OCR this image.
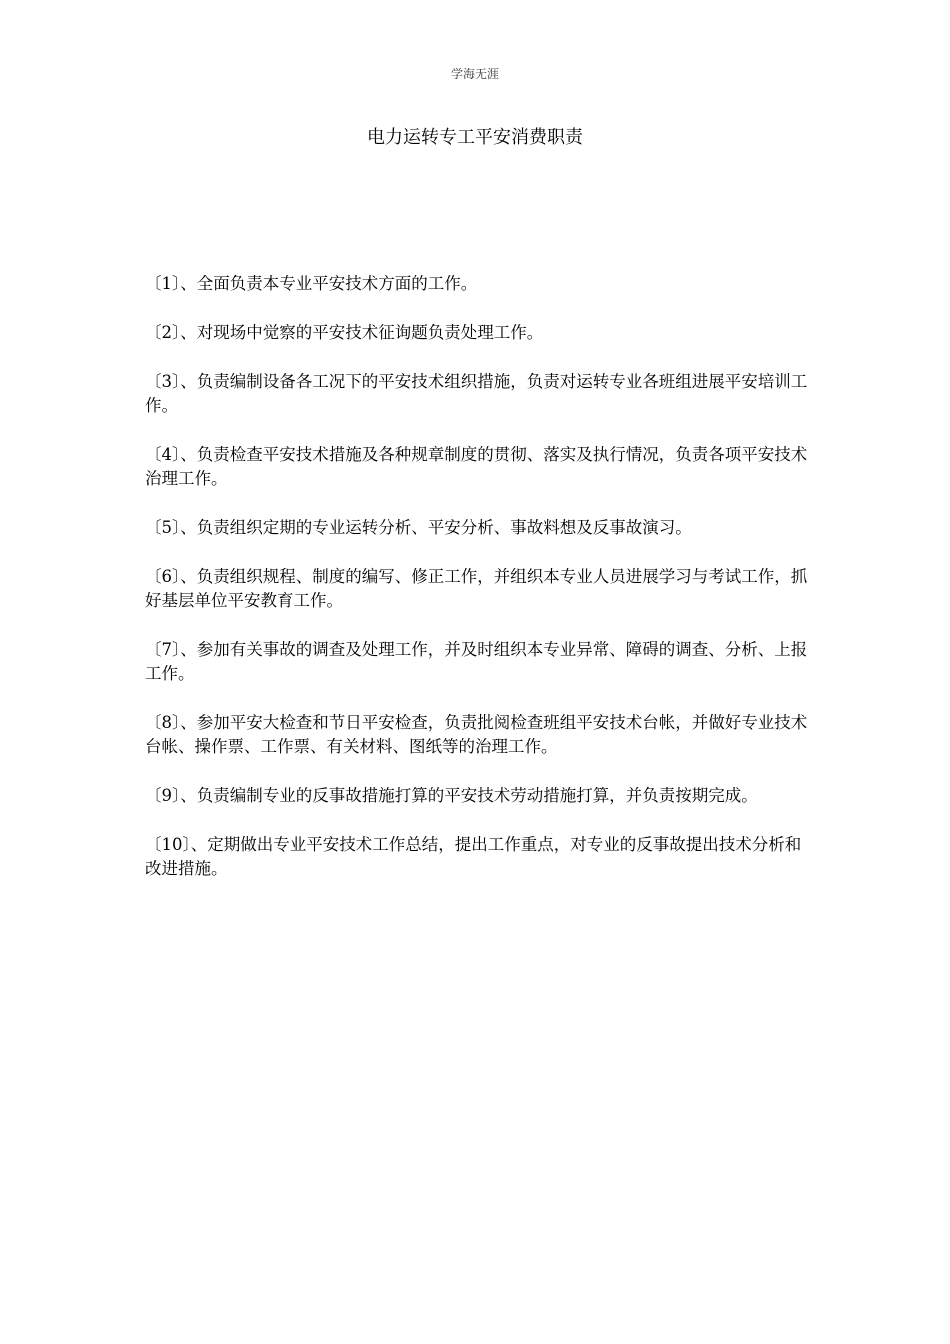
学海无涯
电力运转专工平安消费职责
〔1〕、全面负责本专业平安技术方面的工作。
〔2〕、对现场中觉察的平安技术征询题负责处理工作。
〔3〕、负责编制设备各工况下的平安技术组织措施，负责对运转专业各班组进展平安培训工作。
〔4〕、负责检查平安技术措施及各种规章制度的贯彻、落实及执行情况，负责各项平安技术治理工作。
〔5〕、负责组织定期的专业运转分析、平安分析、事故料想及反事故演习。
〔6〕、负责组织规程、制度的编写、修正工作，并组织本专业人员进展学习与考试工作，抓好基层单位平安教育工作。
〔7〕、参加有关事故的调查及处理工作，并及时组织本专业异常、障碍的调查、分析、上报工作。
〔8〕、参加平安大检查和节日平安检查，负责批阅检查班组平安技术台帐，并做好专业技术台帐、操作票、工作票、有关材料、图纸等的治理工作。
〔9〕、负责编制专业的反事故措施打算的平安技术劳动措施打算，并负责按期完成。
〔10〕、定期做出专业平安技术工作总结，提出工作重点，对专业的反事故提出技术分析和改进措施。
